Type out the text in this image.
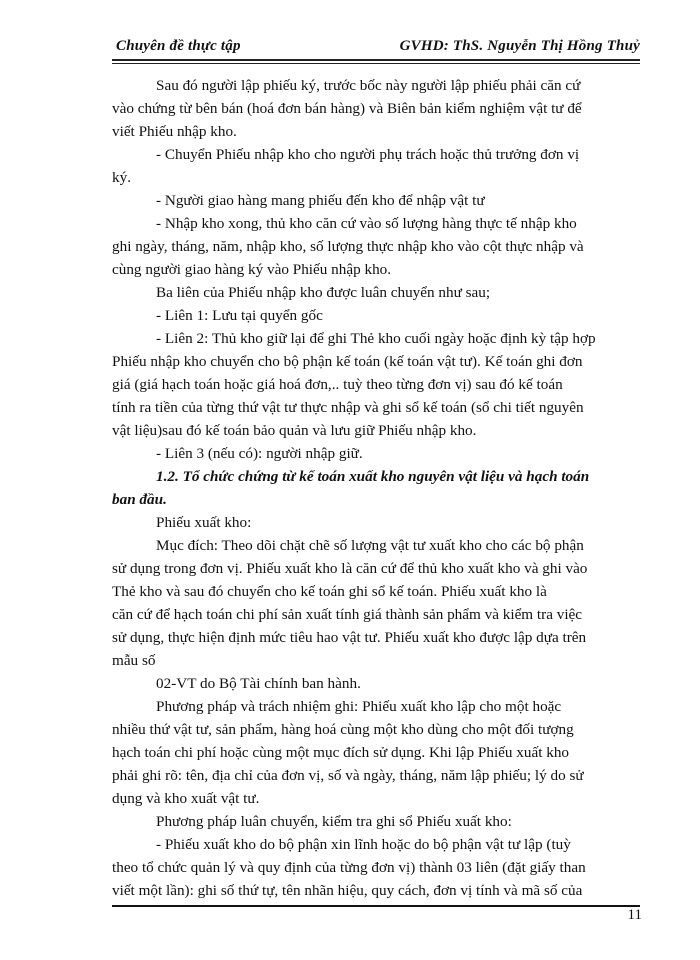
Chuyên đề thực tập	GVHD: ThS. Nguyễn Thị Hồng Thuỷ
Sau đó người lập phiếu ký, trước bốc này người lập phiếu phải căn cứ
vào chứng từ bên bán (hoá đơn bán hàng) và Biên bản kiểm nghiệm vật tư để
viết Phiếu nhập kho.
- Chuyển Phiếu nhập kho cho người phụ trách hoặc thủ trưởng đơn vị
ký.
- Người giao hàng mang phiếu đến kho để nhập vật tư
- Nhập kho xong, thủ kho căn cứ vào số lượng hàng thực tế nhập kho
ghi ngày, tháng, năm, nhập kho, số lượng thực nhập kho vào cột thực nhập và
cùng người giao hàng ký vào Phiếu nhập kho.
Ba liên của Phiếu nhập kho được luân chuyển như sau;
- Liên 1: Lưu tại quyển gốc
- Liên 2: Thủ kho giữ lại để ghi Thẻ kho cuối ngày hoặc định kỳ tập hợp
Phiếu nhập kho chuyển cho bộ phận kế toán (kế toán vật tư). Kế toán ghi đơn
giá (giá hạch toán hoặc giá hoá đơn,.. tuỳ theo từng đơn vị) sau đó kế toán
tính ra tiền của từng thứ vật tư thực nhập và ghi sổ kế toán (sổ chi tiết nguyên
vật liệu)sau đó kế toán bảo quản và lưu giữ Phiếu nhập kho.
- Liên 3 (nếu có): người nhập giữ.
1.2. Tổ chức chứng từ kế toán xuất kho nguyên vật liệu và hạch toán
ban đầu.
Phiếu xuất kho:
Mục đích: Theo dõi chặt chẽ số lượng vật tư xuất kho cho các bộ phận
sử dụng trong đơn vị. Phiếu xuất kho là căn cứ để thủ kho xuất kho và ghi vào
Thẻ kho và sau đó chuyển cho kế toán ghi sổ kế toán. Phiếu xuất kho là
căn cứ để hạch toán chi phí sản xuất tính giá thành sản phẩm và kiểm tra việc
sử dụng, thực hiện định mức tiêu hao vật tư. Phiếu xuất kho được lập dựa trên
mẫu số
02-VT do Bộ Tài chính ban hành.
Phương pháp và trách nhiệm ghi: Phiếu xuất kho lập cho một hoặc
nhiều thứ vật tư, sản phẩm, hàng hoá cùng một kho dùng cho một đối tượng
hạch toán chi phí hoặc cùng một mục đích sử dụng. Khi lập Phiếu xuất kho
phải ghi rõ: tên, địa chỉ của đơn vị, số và ngày, tháng, năm lập phiếu; lý do sử
dụng và kho xuất vật tư.
Phương pháp luân chuyển, kiểm tra ghi sổ Phiếu xuất kho:
- Phiếu xuất kho do bộ phận xin lĩnh hoặc do bộ phận vật tư lập (tuỳ
theo tổ chức quản lý và quy định của từng đơn vị) thành 03 liên (đặt giấy than
viết một lần): ghi số thứ tự, tên nhãn hiệu, quy cách, đơn vị tính và mã số của
11
